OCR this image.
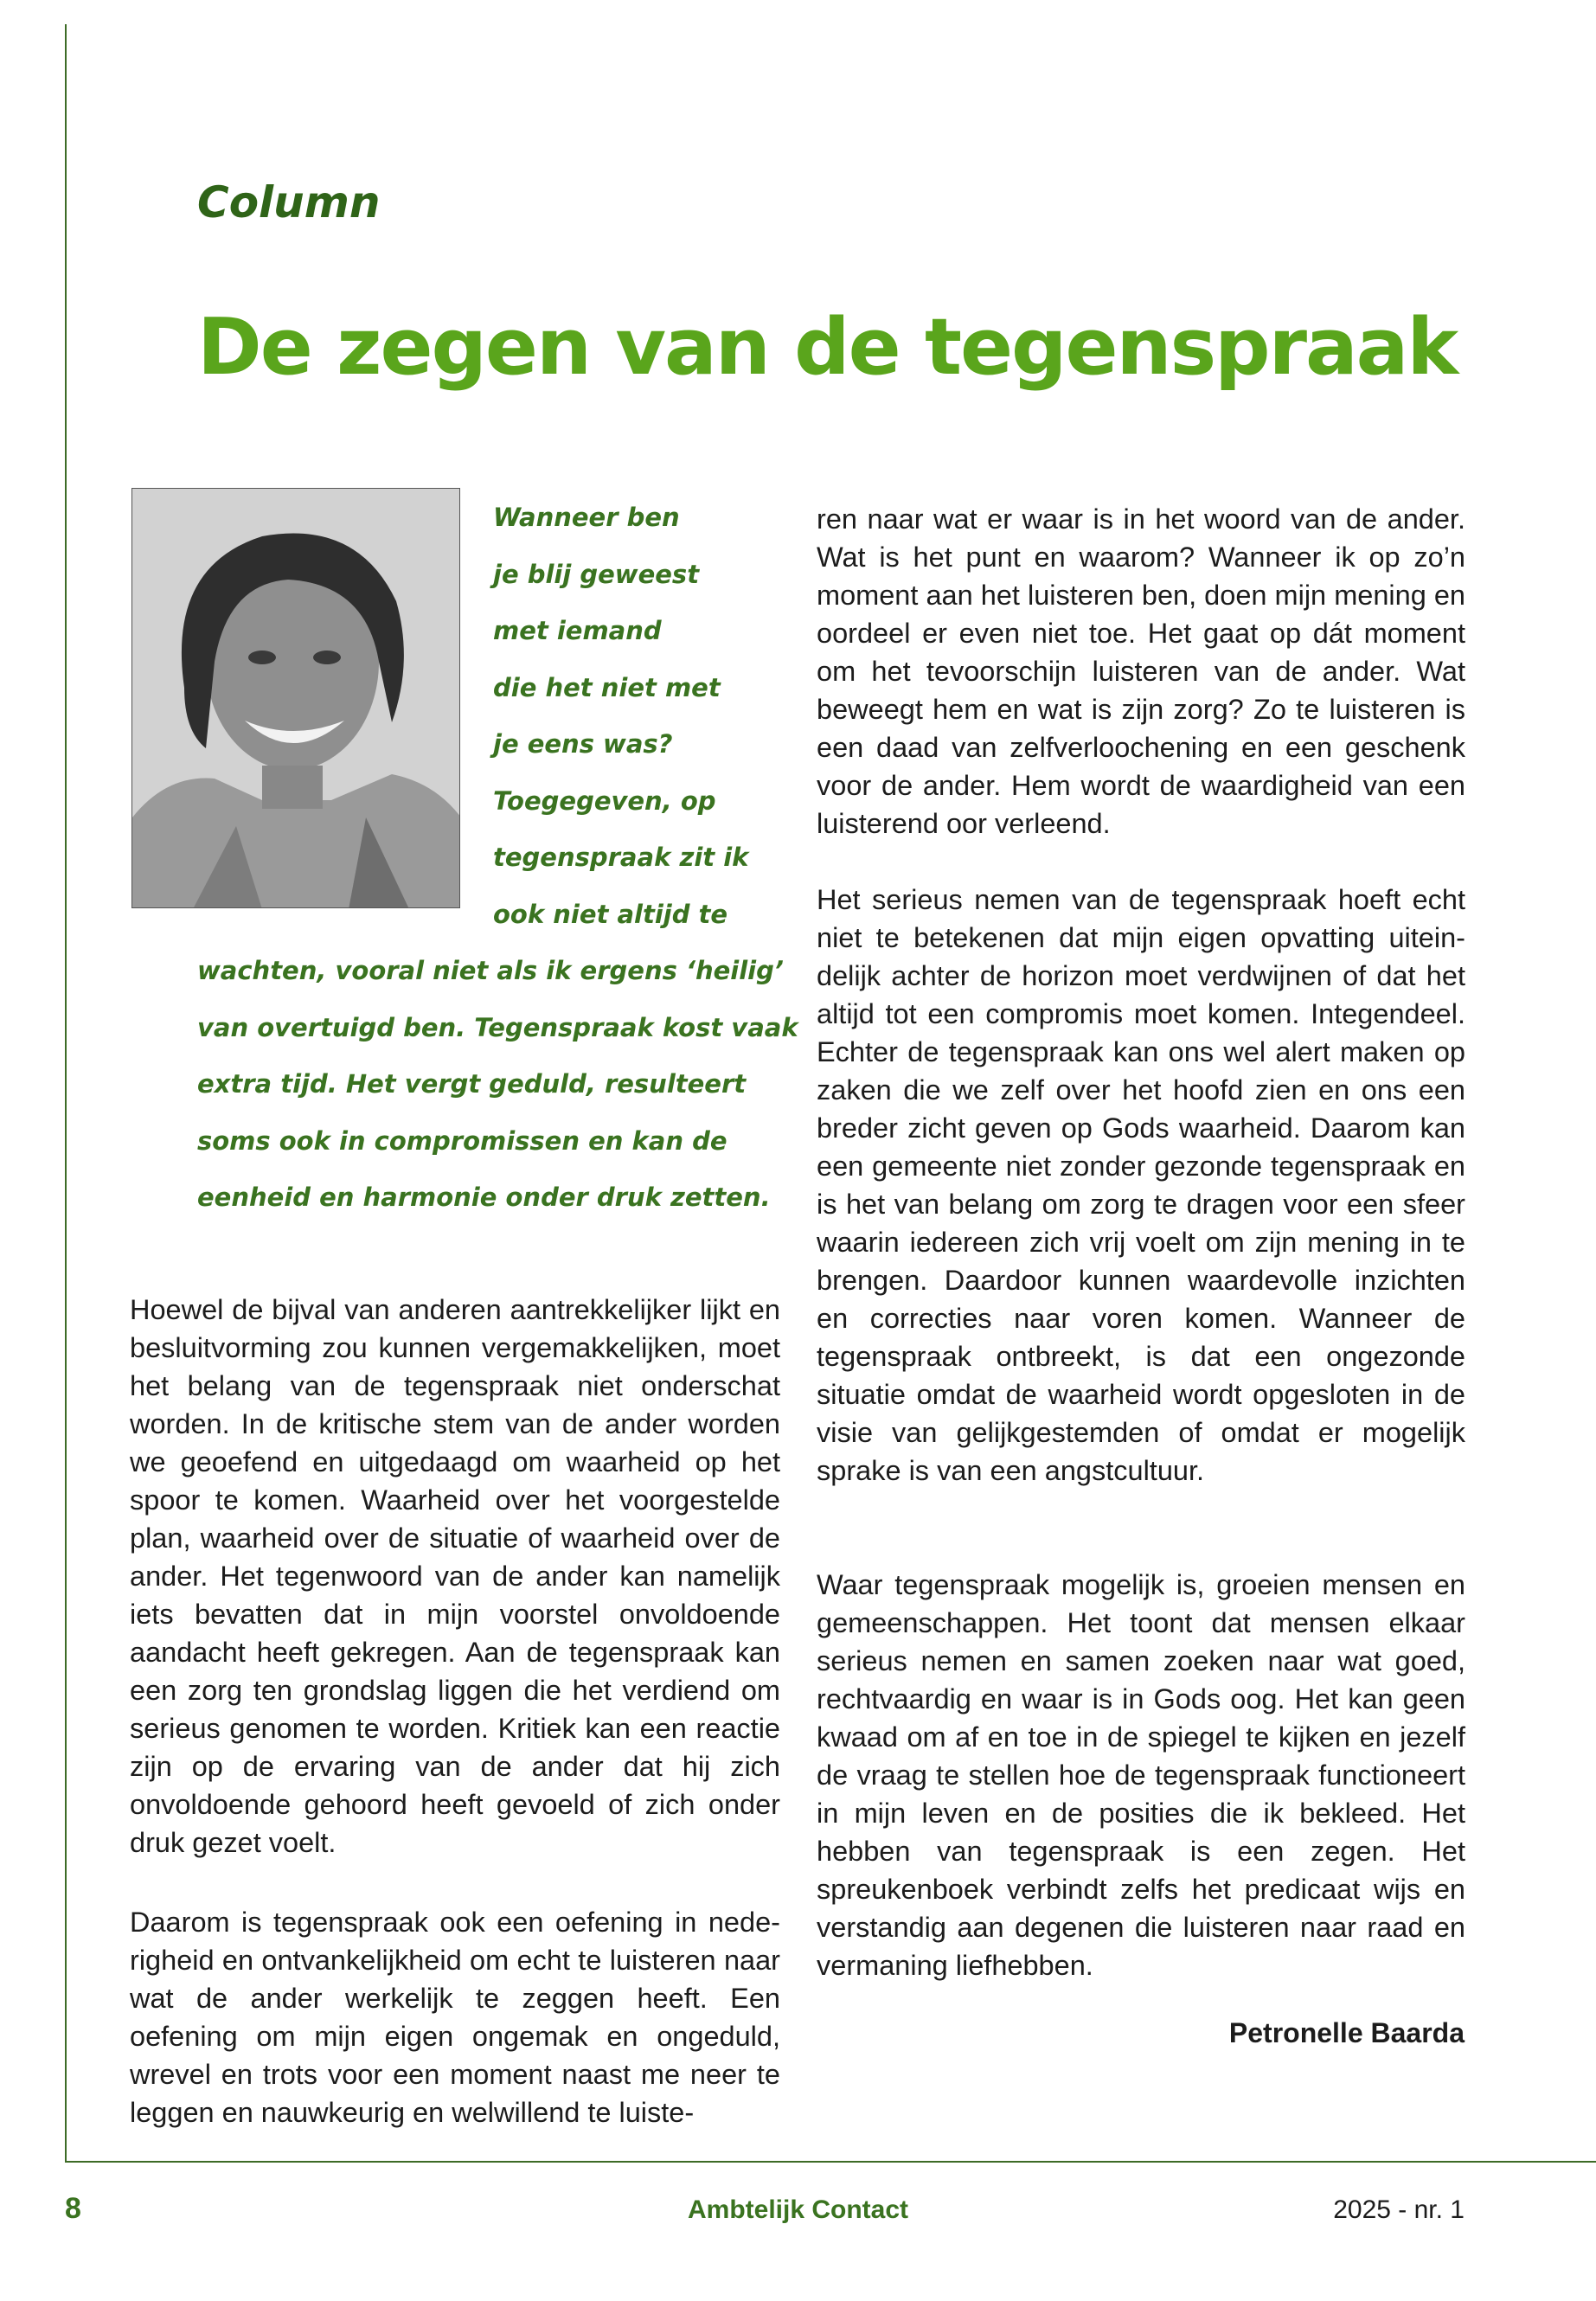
Column
De zegen van de tegenspraak
Wanneer ben
je blij geweest
met iemand
die het niet met
je eens was?
Toegegeven, op
tegenspraak zit ik
ook niet altijd te
wachten, vooral niet als ik ergens ‘heilig’
van overtuigd ben. Tegenspraak kost vaak
extra tijd. Het vergt geduld, resulteert
soms ook in compromissen en kan de
eenheid en harmonie onder druk zetten.

Hoewel de bijval van anderen aantrekkelijker lijkt en besluitvorming zou kunnen vergemakkelijken, moet het belang van de tegenspraak niet onderschat worden. In de kritische stem van de ander worden we geoefend en uitgedaagd om waarheid op het spoor te komen. Waarheid over het voorgestelde plan, waarheid over de situatie of waarheid over de ander. Het tegenwoord van de ander kan namelijk iets bevatten dat in mijn voorstel onvoldoende aandacht heeft gekregen. Aan de tegenspraak kan een zorg ten grondslag liggen die het verdiend om serieus genomen te worden. Kritiek kan een reactie zijn op de ervaring van de ander dat hij zich onvoldoende gehoord heeft gevoeld of zich onder druk gezet voelt.

Daarom is tegenspraak ook een oefening in nederigheid en ontvankelijkheid om echt te luisteren naar wat de ander werkelijk te zeggen heeft. Een oefening om mijn eigen ongemak en ongeduld, wrevel en trots voor een moment naast me neer te leggen en nauwkeurig en welwillend te luiste-

ren naar wat er waar is in het woord van de ander. Wat is het punt en waarom? Wanneer ik op zo’n moment aan het luisteren ben, doen mijn mening en oordeel er even niet toe. Het gaat op dát moment om het tevoorschijn luisteren van de ander. Wat beweegt hem en wat is zijn zorg? Zo te luisteren is een daad van zelfverloochening en een geschenk voor de ander. Hem wordt de waardigheid van een luisterend oor verleend.

Het serieus nemen van de tegenspraak hoeft echt niet te betekenen dat mijn eigen opvatting uiteindelijk achter de horizon moet verdwijnen of dat het altijd tot een compromis moet komen. Integendeel. Echter de tegenspraak kan ons wel alert maken op zaken die we zelf over het hoofd zien en ons een breder zicht geven op Gods waarheid. Daarom kan een gemeente niet zonder gezonde tegenspraak en is het van belang om zorg te dragen voor een sfeer waarin iedereen zich vrij voelt om zijn mening in te brengen. Daardoor kunnen waardevolle inzichten en correcties naar voren komen. Wanneer de tegenspraak ontbreekt, is dat een ongezonde situatie omdat de waarheid wordt opgesloten in de visie van gelijkgestemden of omdat er mogelijk sprake is van een angstcultuur.

Waar tegenspraak mogelijk is, groeien mensen en gemeenschappen. Het toont dat mensen elkaar serieus nemen en samen zoeken naar wat goed, rechtvaardig en waar is in Gods oog. Het kan geen kwaad om af en toe in de spiegel te kijken en jezelf de vraag te stellen hoe de tegenspraak functioneert in mijn leven en de posities die ik bekleed. Het hebben van tegenspraak is een zegen. Het spreukenboek verbindt zelfs het predicaat wijs en verstandig aan degenen die luisteren naar raad en vermaning liefhebben.

Petronelle Baarda

8	Ambtelijk Contact	2025 - nr. 1
